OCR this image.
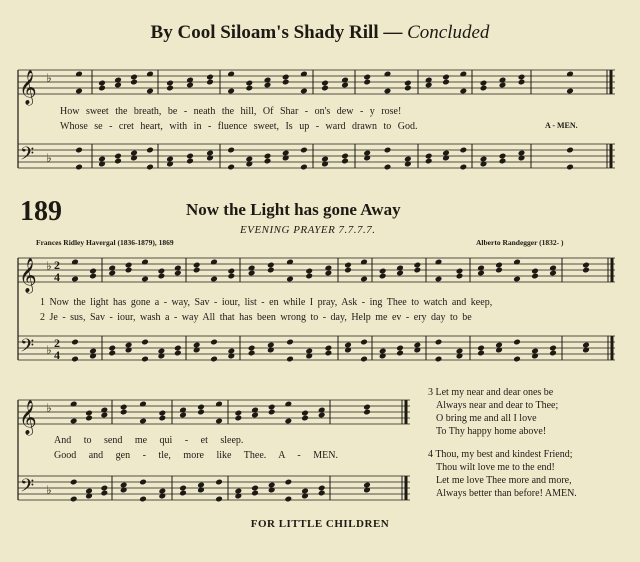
𝄞
𝄢
♭
♭
𝄞
𝄢
♭
♭
𝄞
𝄢
♭
♭
2
4
2
4
By Cool Siloam's Shady Rill — Concluded
How sweet the breath, be - neath the hill, Of Shar - on's dew - y rose!
Whose se - cret heart, with in - fluence sweet, Is up - ward drawn to God.	A - MEN.
189	Now the Light has gone Away
EVENING PRAYER 7.7.7.7.
Frances Ridley Havergal (1836-1879), 1869	Alberto Randegger (1832- )
1 Now the light has gone a - way, Sav - iour, list - en while I pray, Ask - ing Thee to watch and keep,
2 Je - sus, Sav - iour, wash a - way All that has been wrong to - day, Help me ev - ery day to be
And to send me qui - et sleep.
Good and gen - tle, more like Thee. A - MEN.
3 Let my near and dear ones be
Always near and dear to Thee;
O bring me and all I love
To Thy happy home above!
4 Thou, my best and kindest Friend;
Thou wilt love me to the end!
Let me love Thee more and more,
Always better than before! AMEN.
FOR LITTLE CHILDREN
